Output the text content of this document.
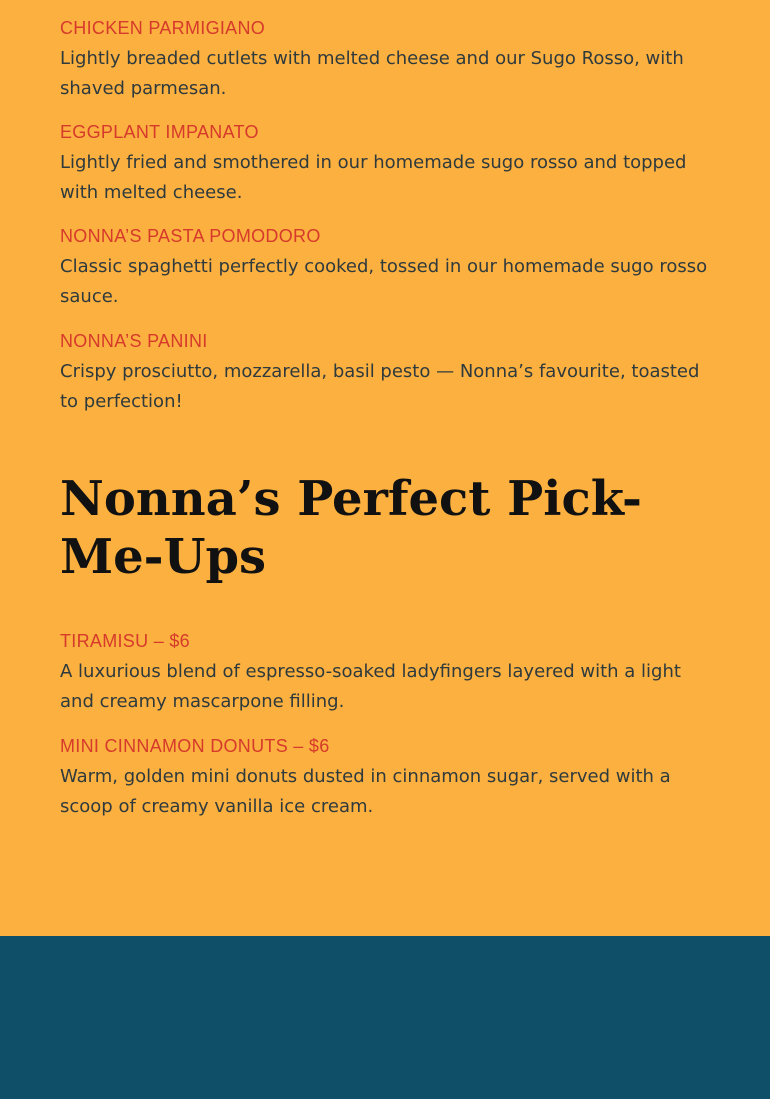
CHICKEN PARMIGIANO

Lightly breaded cutlets with melted cheese and our Sugo Rosso, with shaved parmesan.

EGGPLANT IMPANATO

Lightly fried and smothered in our homemade sugo rosso and topped with melted cheese.

NONNA’S PASTA POMODORO

Classic spaghetti perfectly cooked, tossed in our homemade sugo rosso sauce.

NONNA’S PANINI

Crispy prosciutto, mozzarella, basil pesto — Nonna’s favourite, toasted to perfection!

Nonna’s Perfect Pick-Me-Ups

TIRAMISU – $6

A luxurious blend of espresso-soaked ladyfingers layered with a light and creamy mascarpone filling.

MINI CINNAMON DONUTS – $6

Warm, golden mini donuts dusted in cinnamon sugar, served with a scoop of creamy vanilla ice cream.
